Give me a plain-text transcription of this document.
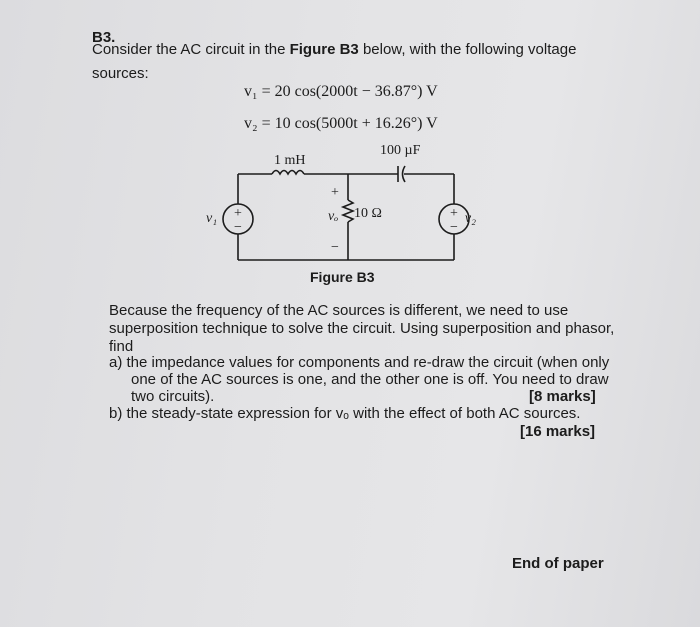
B3.
Consider the AC circuit in the Figure B3 below, with the following voltage
sources:
v₁ = 20 cos(2000t − 36.87°) V
v₂ = 10 cos(5000t + 16.26°) V
1 mH
100 µF
10 Ω
v₁	v₂
vₒ
+
−
+
−
+
−
Figure B3
Because the frequency of the AC sources is different, we need to use
superposition technique to solve the circuit. Using superposition and phasor,
find
a) the impedance values for components and re-draw the circuit (when only
one of the AC sources is one, and the other one is off. You need to draw
two circuits).	[8 marks]
b) the steady-state expression for vₒ with the effect of both AC sources.
[16 marks]
End of paper
